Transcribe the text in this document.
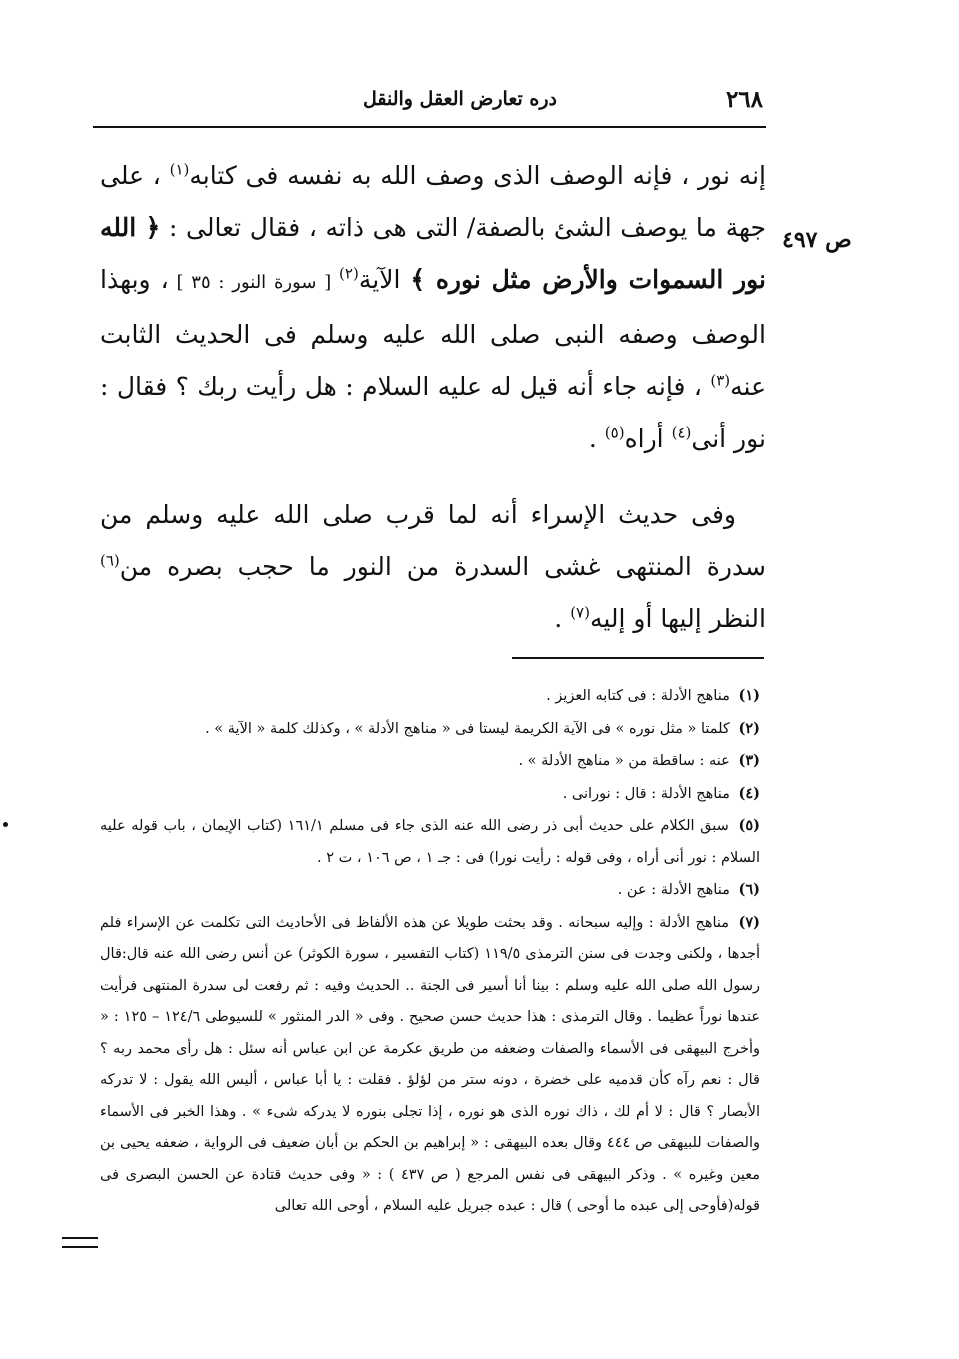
دره تعارض العقل والنقل	٢٦٨
ص ٤٩٧

إنه نور ، فإنه الوصف الذى وصف الله به نفسه فى كتابه$^{(١)}$ ، على جهة ما يوصف الشئ بالصفة/ التى هى ذاته ، فقال تعالى : ﴿ الله نور السموات والأرض مثل نوره ﴾ الآية$^{(٢)}$ [ سورة النور : ٣٥ ] ، وبهذا الوصف وصفه النبى صلى الله عليه وسلم فى الحديث الثابت عنه$^{(٣)}$ ، فإنه جاء أنه قيل له عليه السلام : هل رأيت ربك ؟ فقال : نور أنى$^{(٤)}$ أراه$^{(٥)}$ .

وفى حديث الإسراء أنه لما قرب صلى الله عليه وسلم من سدرة المنتهى غشى السدرة من النور ما حجب بصره من$^{(٦)}$ النظر إليها أو إليه$^{(٧)}$ .

(١) مناهج الأدلة : فى كتابه العزيز .

(٢) كلمتا « مثل نوره » فى الآية الكريمة ليستا فى « مناهج الأدلة » ، وكذلك كلمة « الآية » .

(٣) عنه : ساقطة من « مناهج الأدلة » .

(٤) مناهج الأدلة : قال : نورانى .

(٥) سبق الكلام على حديث أبى ذر رضى الله عنه الذى جاء فى مسلم ١٦١/١ (كتاب الإيمان ، باب قوله عليه السلام : نور أنى أراه ، وفى قوله : رأيت نورا) فى : جـ ١ ، ص ١٠٦ ، ت ٢ .

(٦) مناهج الأدلة : عن .

(٧) مناهج الأدلة : وإليه سبحانه . وقد بحثت طويلا عن هذه الألفاظ فى الأحاديث التى تكلمت عن الإسراء فلم أجدها ، ولكنى وجدت فى سنن الترمذى ١١٩/٥ (كتاب التفسير ، سورة الكوثر) عن أنس رضى الله عنه قال:قال رسول الله صلى الله عليه وسلم : بينا أنا أسير فى الجنة .. الحديث وفيه : ثم رفعت لى سدرة المنتهى فرأيت عندها نوراً عظيما . وقال الترمذى : هذا حديث حسن صحيح . وفى « الدر المنثور » للسيوطى ١٢٤/٦ – ١٢٥ : « وأخرج البيهقى فى الأسماء والصفات وضعفه من طريق عكرمة عن ابن عباس أنه سئل : هل رأى محمد ربه ؟ قال : نعم رآه كأن قدميه على خضرة ، دونه ستر من لؤلؤ . فقلت : يا أبا عباس ، أليس الله يقول : لا تدركه الأبصار ؟ قال : لا أم لك ، ذاك نوره الذى هو نوره ، إذا تجلى بنوره لا يدركه شىء » . وهذا الخبر فى الأسماء والصفات للبيهقى ص ٤٤٤ وقال بعده البيهقى : « إبراهيم بن الحكم بن أبان ضعيف فى الرواية ، ضعفه يحيى بن معين وغيره » . وذكر البيهقى فى نفس المرجع ( ص ٤٣٧ ) : « وفى حديث قتادة عن الحسن البصرى فى قوله(فأوحى إلى عبده ما أوحى ) قال : عبده جبريل عليه السلام ، أوحى الله تعالى
